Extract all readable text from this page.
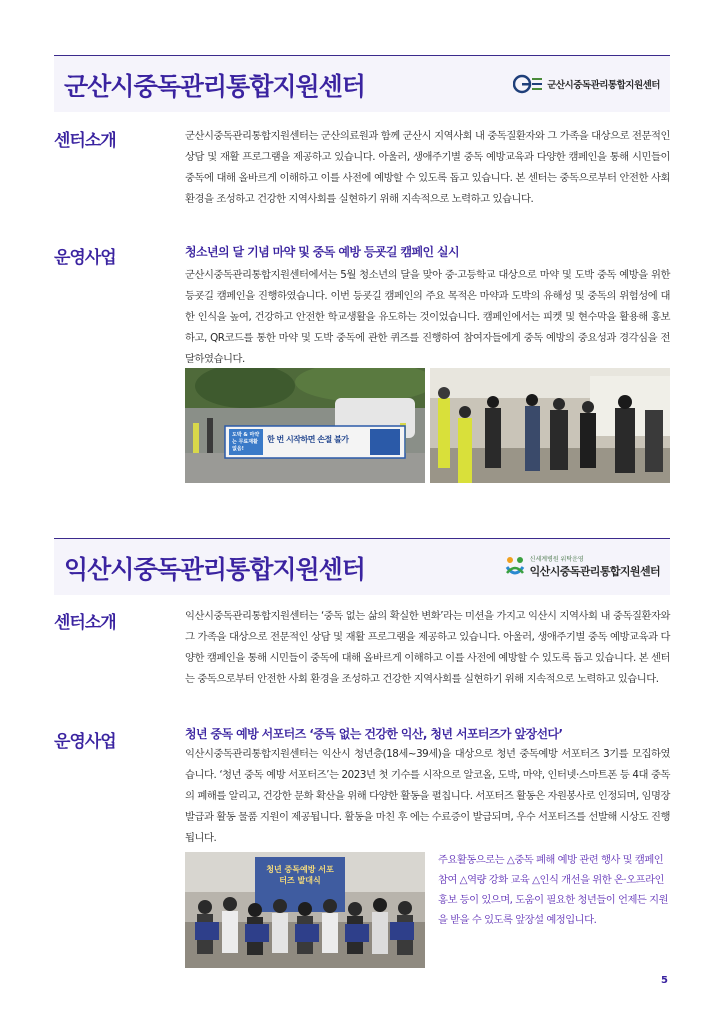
군산시중독관리통합지원센터	군산시중독관리통합지원센터
센터소개	군산시중독관리통합지원센터는 군산의료원과 함께 군산시 지역사회 내 중독질환자와 그 가족을 대상으로 전문적인 상담 및 재활 프로그램을 제공하고 있습니다. 아울러, 생애주기별 중독 예방교육과 다양한 캠페인을 통해 시민들이 중독에 대해 올바르게 이해하고 이를 사전에 예방할 수 있도록 돕고 있습니다. 본 센터는 중독으로부터 안전한 사회 환경을 조성하고 건강한 지역사회를 실현하기 위해 지속적으로 노력하고 있습니다.

운영사업	청소년의 달 기념 마약 및 중독 예방 등굣길 캠페인 실시

군산시중독관리통합지원센터에서는 5월 청소년의 달을 맞아 중·고등학교 대상으로 마약 및 도박 중독 예방을 위한 등굣길 캠페인을 진행하였습니다. 이번 등굣길 캠페인의 주요 목적은 마약과 도박의 유해성 및 중독의 위험성에 대한 인식을 높여, 건강하고 안전한 학교생활을 유도하는 것이었습니다. 캠페인에서는 피켓 및 현수막을 활용해 홍보하고, QR코드를 통한 마약 및 도박 중독에 관한 퀴즈를 진행하여 참여자들에게 중독 예방의 중요성과 경각심을 전달하였습니다.

도박 & 마약는 무료재활 없음!
한 번 시작하면 손절 불가
익산시중독관리통합지원센터	신세계병원 위탁운영
익산시중독관리통합지원센터
센터소개	익산시중독관리통합지원센터는 ‘중독 없는 삶의 확실한 변화’라는 미션을 가지고 익산시 지역사회 내 중독질환자와 그 가족을 대상으로 전문적인 상담 및 재활 프로그램을 제공하고 있습니다. 아울러, 생애주기별 중독 예방교육과 다양한 캠페인을 통해 시민들이 중독에 대해 올바르게 이해하고 이를 사전에 예방할 수 있도록 돕고 있습니다. 본 센터는 중독으로부터 안전한 사회 환경을 조성하고 건강한 지역사회를 실현하기 위해 지속적으로 노력하고 있습니다.

운영사업	청년 중독 예방 서포터즈 ‘중독 없는 건강한 익산, 청년 서포터즈가 앞장선다’

익산시중독관리통합지원센터는 익산시 청년층(18세~39세)을 대상으로 청년 중독예방 서포터즈 3기를 모집하였습니다. ‘청년 중독 예방 서포터즈’는 2023년 첫 기수를 시작으로 알코올, 도박, 마약, 인터넷·스마트폰 등 4대 중독의 폐해를 알리고, 건강한 문화 확산을 위해 다양한 활동을 펼칩니다. 서포터즈 활동은 자원봉사로 인정되며, 임명장 발급과 활동 물품 지원이 제공됩니다. 활동을 마친 후 에는 수료증이 발급되며, 우수 서포터즈를 선발해 시상도 진행됩니다.

청년 중독예방 서포터즈 발대식

주요활동으로는 △중독 폐해 예방 관련 행사 및 캠페인 참여 △역량 강화 교육 △인식 개선을 위한 온·오프라인 홍보 등이 있으며, 도움이 필요한 청년들이 언제든 지원을 받을 수 있도록 앞장설 예정입니다.

5
